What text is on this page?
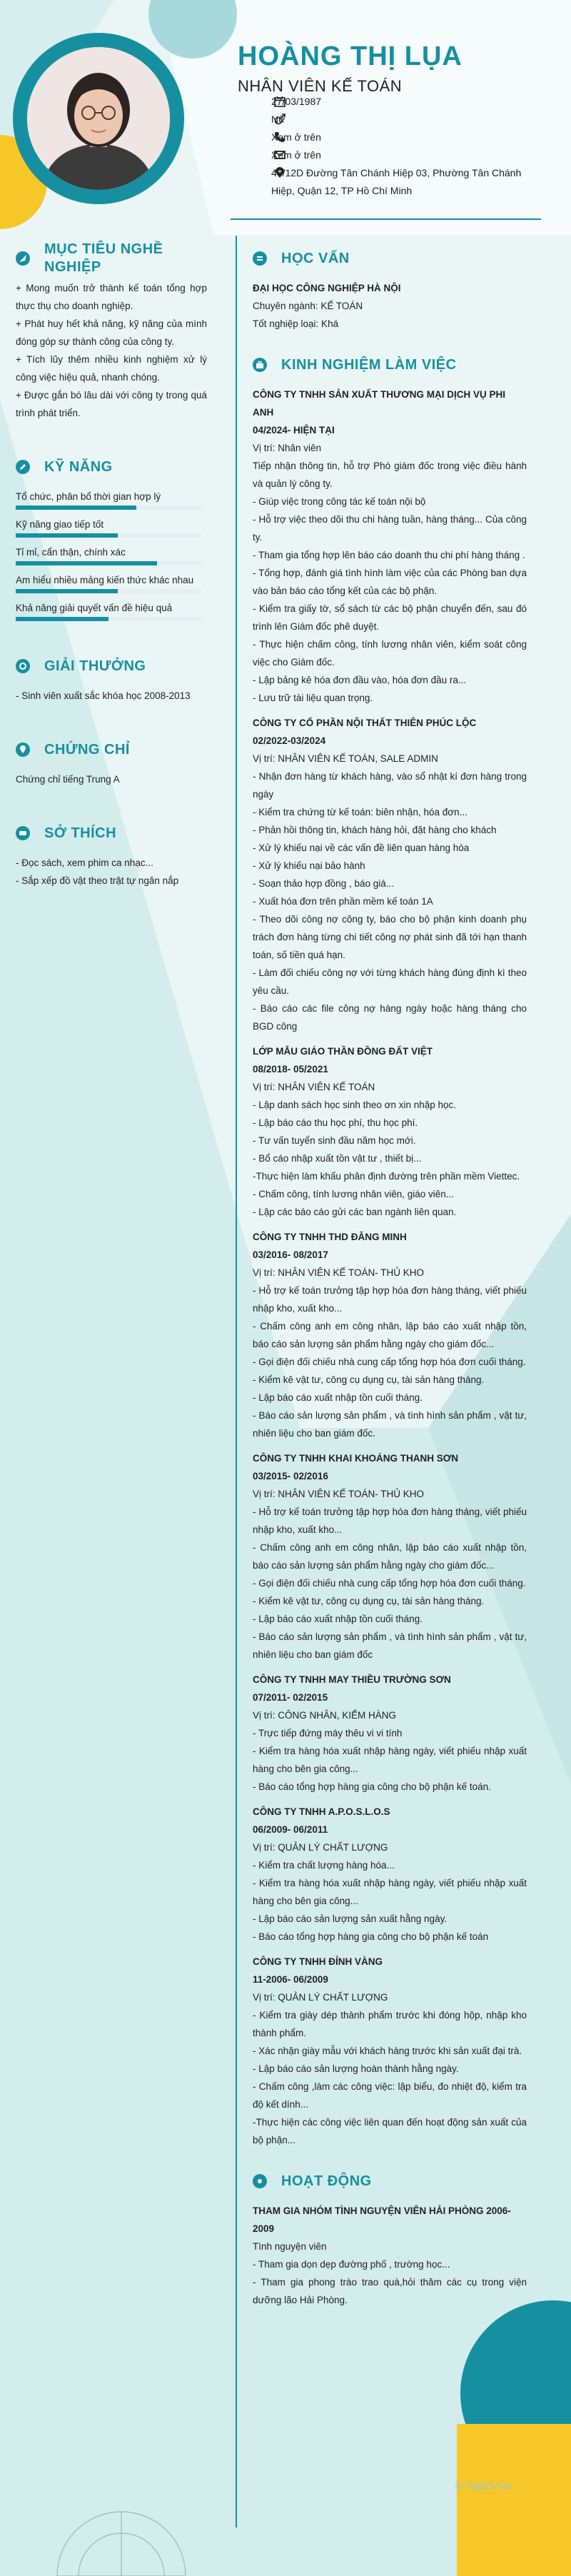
HOÀNG THỊ LỤA
NHÂN VIÊN KẾ TOÁN
27/03/1987
Nữ
Xem ở trên
Xem ở trên
46/12D Đường Tân Chánh Hiệp 03, Phường Tân Chánh Hiệp, Quận 12, TP Hồ Chí Minh
MỤC TIÊU NGHỀ NGHIỆP
+ Mong muốn trở thành kế toán tổng hợp thực thụ cho doanh nghiệp.
+ Phát huy hết khả năng, kỹ năng của mình đóng góp sự thành công của công ty.
+ Tích lũy thêm nhiều kinh nghiệm xử lý công việc hiệu quả, nhanh chóng.
+ Được gắn bó lâu dài với công ty trong quá trình phát triển.
KỸ NĂNG
Tổ chức, phân bổ thời gian hợp lý
Kỹ năng giao tiếp tốt
Tỉ mỉ, cẩn thận, chính xác
Am hiểu nhiều mảng kiến thức khác nhau
Khả năng giải quyết vấn đề hiệu quả
GIẢI THƯỞNG
- Sinh viên xuất sắc khóa học 2008-2013
CHỨNG CHỈ
Chứng chỉ tiếng Trung A
SỞ THÍCH
- Đọc sách, xem phim ca nhạc...
- Sắp xếp đồ vật theo trật tự ngăn nắp
HỌC VẤN
ĐẠI HỌC CÔNG NGHIỆP HÀ NỘI
Chuyên ngành: KẾ TOÁN
Tốt nghiệp loại: Khá
KINH NGHIỆM LÀM VIỆC
CÔNG TY TNHH SẢN XUẤT THƯƠNG MẠI DỊCH VỤ PHI ANH
04/2024- HIỆN TẠI
Vị trí: Nhân viên
Tiếp nhận thông tin, hỗ trợ Phó giám đốc trong việc điều hành và quản lý công ty.
- Giúp việc trong công tác kế toán nội bộ
- Hỗ trợ việc theo dõi thu chi hàng tuần, hàng tháng... Của công ty.
- Tham gia tổng hợp lên báo cáo doanh thu chi phí hàng tháng .
- Tổng hợp, đánh giá tình hình làm việc của các Phòng ban dựa vào bản báo cáo tổng kết của các bộ phận.
- Kiểm tra giấy tờ, sổ sách từ các bộ phận chuyển đến, sau đó trình lên Giám đốc phê duyệt.
- Thực hiện chấm công, tính lương nhân viên, kiểm soát công việc cho Giám đốc.
- Lập bảng kê hóa đơn đầu vào, hóa đơn đầu ra...
- Lưu trữ tài liệu quan trọng.
CÔNG TY CỔ PHẦN NỘI THẤT THIÊN PHÚC LỘC
02/2022-03/2024
Vị trí: NHÂN VIÊN KẾ TOÁN, SALE ADMIN
- Nhận đơn hàng từ khách hàng, vào sổ nhật kí đơn hàng trong ngày
- Kiểm tra chứng từ kế toán: biên nhận, hóa đơn...
- Phản hồi thông tin, khách hàng hỏi, đặt hàng cho khách
- Xử lý khiếu nại về các vấn đề liên quan hàng hóa
- Xử lý khiếu nại bảo hành
- Soạn thảo hợp đồng , báo giá...
- Xuất hóa đơn trên phần mềm kế toán 1A
- Theo dõi công nợ công ty, báo cho bộ phận kinh doanh phụ trách đơn hàng từng chi tiết công nợ phát sinh đã tới hạn thanh toán, số tiền quá hạn.
- Làm đối chiếu công nợ với từng khách hàng đúng định kì theo yêu cầu.
- Báo cáo các file công nợ hàng ngày hoặc hàng tháng cho BGD công
LỚP MẪU GIÁO THẦN ĐỒNG ĐẤT VIỆT
08/2018- 05/2021
Vị trí: NHÂN VIÊN KẾ TOÁN
- Lập danh sách học sinh theo ơn xin nhập học.
- Lập báo cáo thu học phí, thu học phí.
- Tư vấn tuyển sinh đầu năm học mới.
- Bổ cáo nhập xuất tồn vật tư , thiết bị...
-Thực hiện làm khấu phân định đường trên phần mềm Viettec.
- Chấm công, tính lương nhân viên, giáo viên...
- Lập các báo cáo gửi các ban ngành liên quan.
CÔNG TY TNHH THD ĐĂNG MINH
03/2016- 08/2017
Vị trí: NHÂN VIÊN KẾ TOÁN- THỦ KHO
- Hỗ trợ kế toán trưởng tập hợp hóa đơn hàng tháng, viết phiếu nhập kho, xuất kho...
- Chấm công anh em công nhân, lập báo cáo xuất nhập tồn, báo cáo sản lượng sản phẩm hằng ngày cho giám đốc...
- Gọi điện đối chiếu nhà cung cấp tổng hợp hóa đơn cuối tháng.
- Kiểm kê vật tư, công cụ dụng cụ, tài sản hàng tháng.
- Lập báo cáo xuất nhập tồn cuối tháng.
- Báo cáo sản lượng sản phẩm , và tình hình sản phẩm , vật tư, nhiên liệu cho ban giám đốc.
CÔNG TY TNHH KHAI KHOÁNG THANH SƠN
03/2015- 02/2016
Vị trí: NHÂN VIÊN KẾ TOÁN- THỦ KHO
- Hỗ trợ kế toán trưởng tập hợp hóa đơn hàng tháng, viết phiếu nhập kho, xuất kho...
- Chấm công anh em công nhân, lập báo cáo xuất nhập tồn, báo cáo sản lượng sản phẩm hằng ngày cho giám đốc...
- Gọi điện đối chiếu nhà cung cấp tổng hợp hóa đơn cuối tháng.
- Kiểm kê vật tư, công cụ dụng cụ, tài sản hàng tháng.
- Lập báo cáo xuất nhập tồn cuối tháng.
- Báo cáo sản lượng sản phẩm , và tình hình sản phẩm , vật tư, nhiên liệu cho ban giám đốc
CÔNG TY TNHH MAY THIỀU TRƯỜNG SƠN
07/2011- 02/2015
Vị trí: CÔNG NHÂN, KIỂM HÀNG
- Trực tiếp đứng máy thêu vi vi tính
- Kiểm tra hàng hóa xuất nhập hàng ngày, viết phiếu nhập xuất hàng cho bên gia công...
- Báo cáo tổng hợp hàng gia công cho bộ phận kế toán.
CÔNG TY TNHH A.P.O.S.L.O.S
06/2009- 06/2011
Vị trí: QUẢN LÝ CHẤT LƯỢNG
- Kiểm tra chất lượng hàng hóa...
- Kiểm tra hàng hóa xuất nhập hàng ngày, viết phiếu nhập xuất hàng cho bên gia công...
- Lập báo cáo sản lượng sản xuất hằng ngày.
- Báo cáo tổng hợp hàng gia công cho bộ phận kế toán
CÔNG TY TNHH ĐỈNH VÀNG
11-2006- 06/2009
Vị trí: QUẢN LÝ CHẤT LƯỢNG
- Kiểm tra giày dép thành phẩm trước khi đóng hộp, nhập kho thành phẩm.
- Xác nhận giày mẫu với khách hàng trước khi sản xuất đại trà.
- Lập báo cáo sản lượng hoàn thành hằng ngày.
- Chấm công ,làm các công việc: lập biểu, đo nhiệt độ, kiểm tra độ kết dính...
-Thực hiện các công việc liên quan đến hoạt động sản xuất của bộ phận...
HOẠT ĐỘNG
THAM GIA NHÓM TÌNH NGUYỆN VIÊN HẢI PHÒNG 2006-2009
Tình nguyện viên
- Tham gia dọn dẹp đường phố , trường học...
- Tham gia phong trào trao quà,hỏi thăm các cụ trong viện dưỡng lão Hải Phòng.
© TopCV.vn
